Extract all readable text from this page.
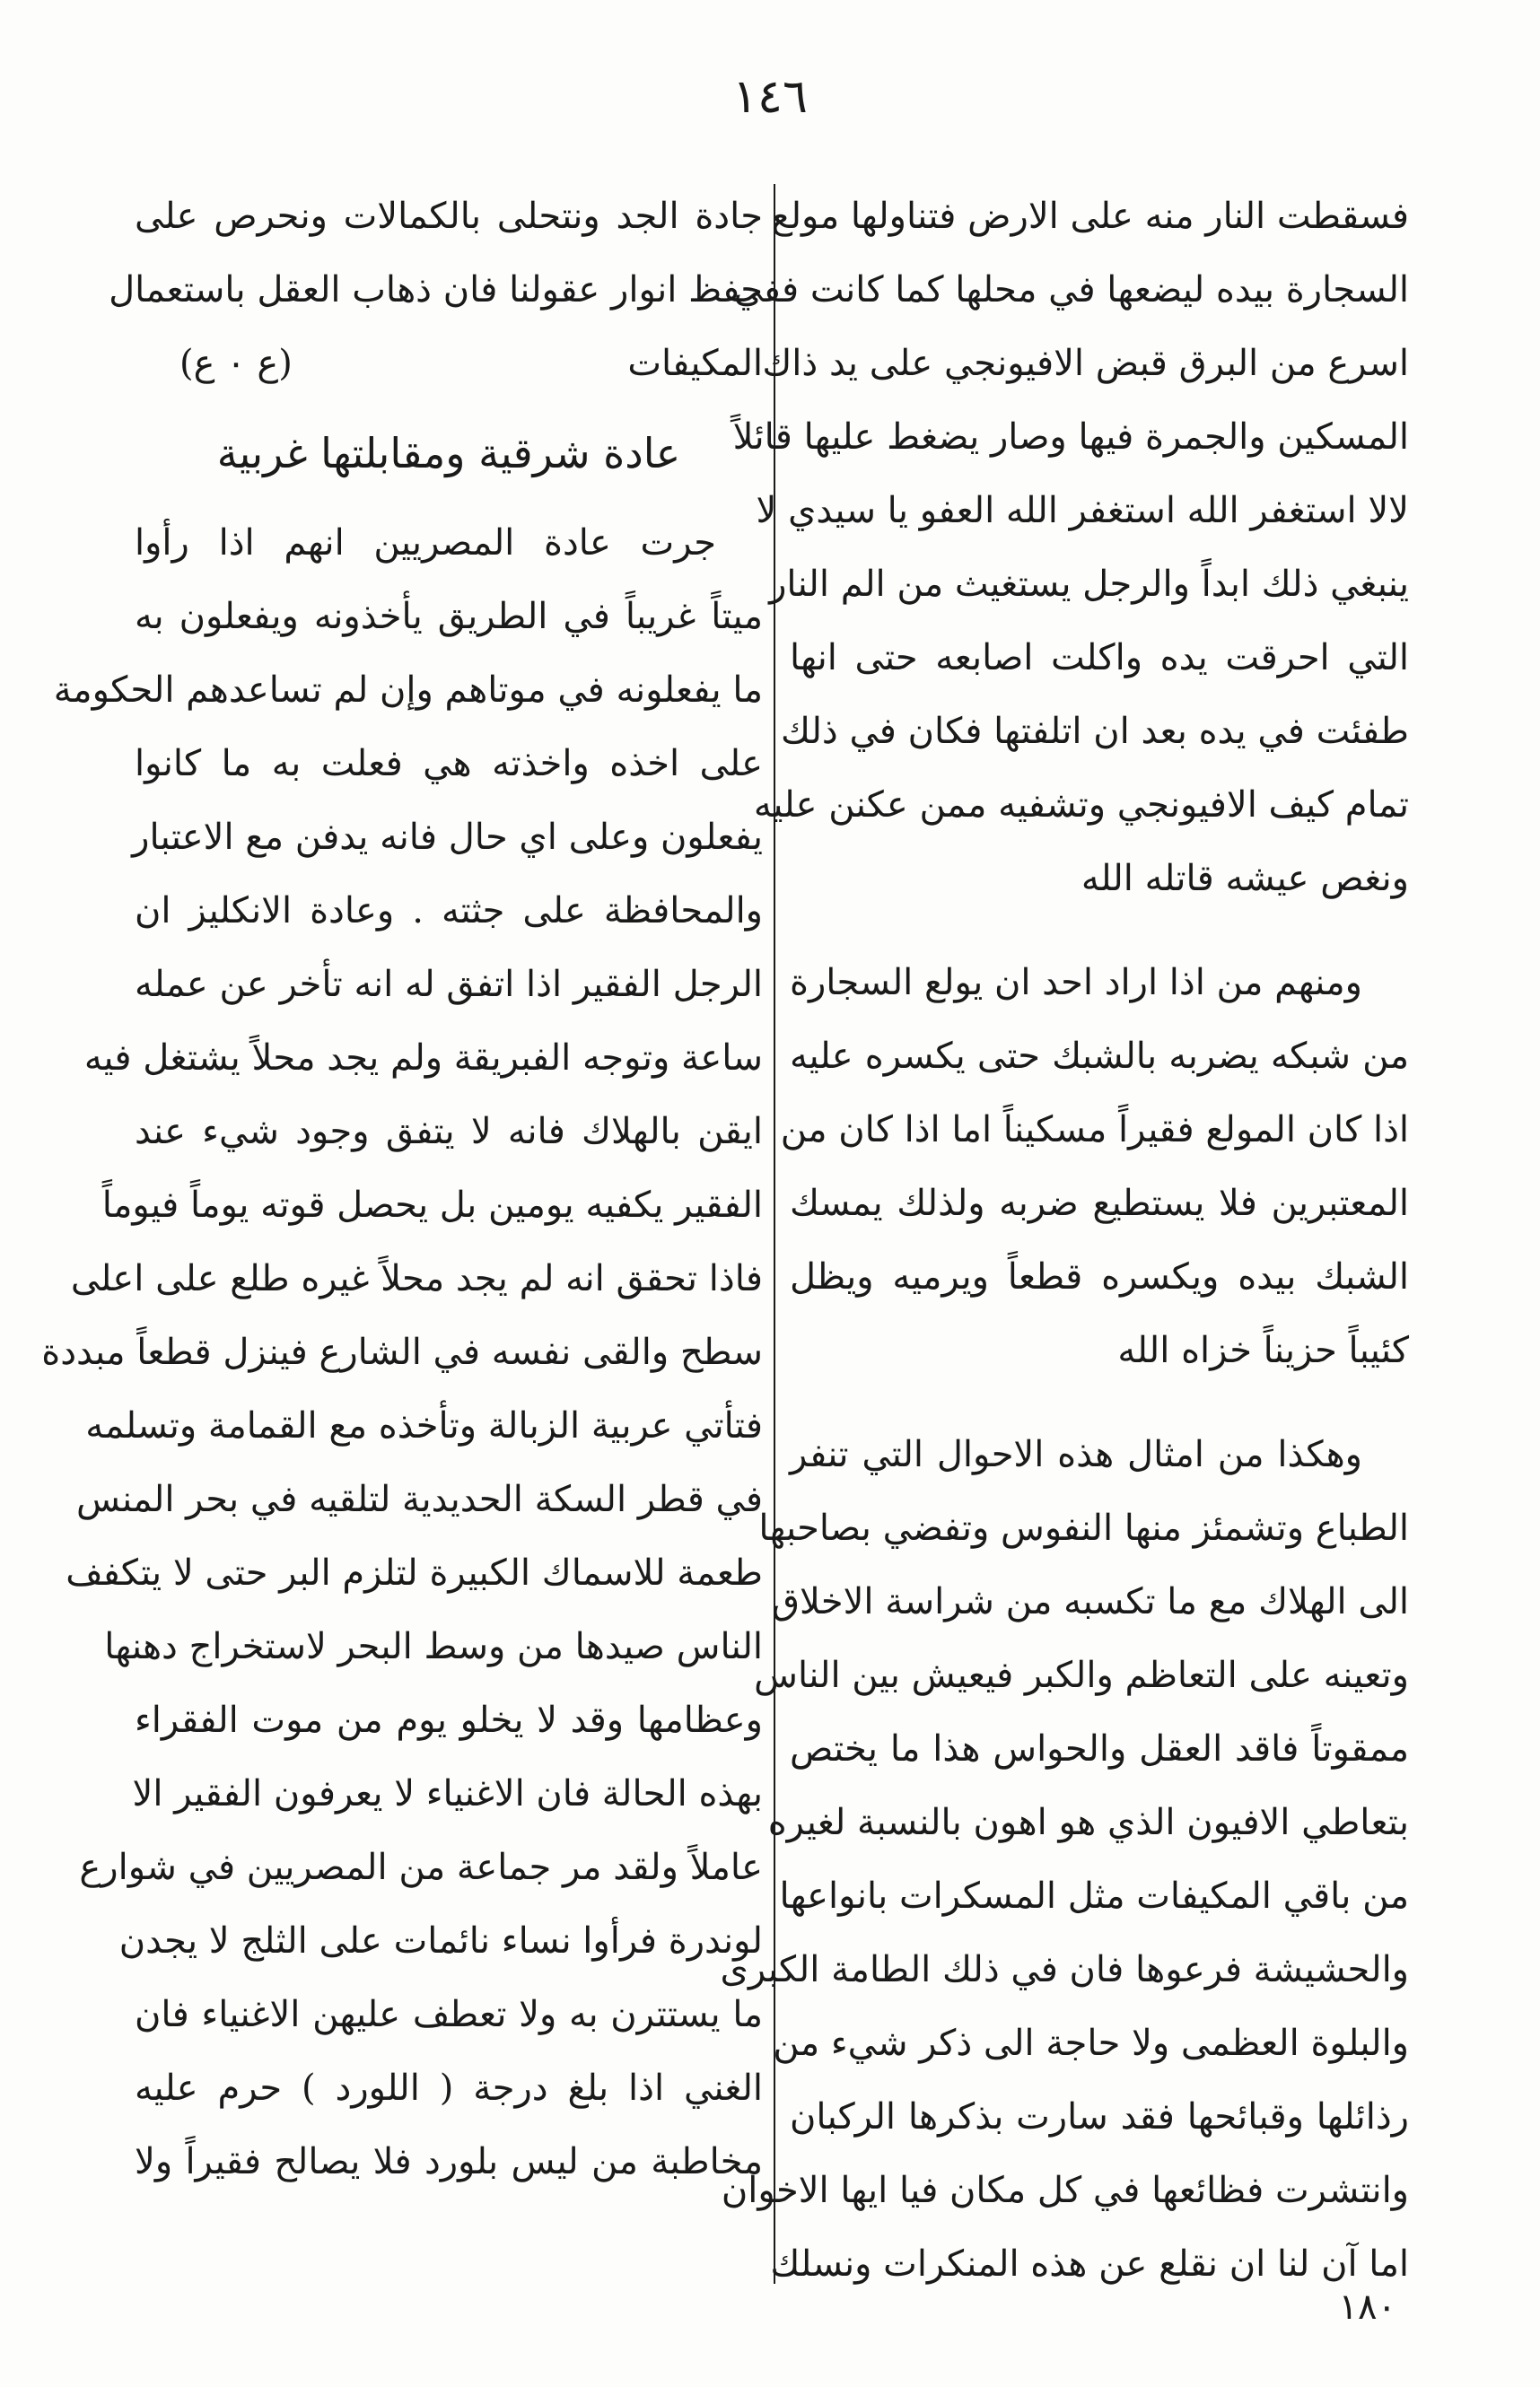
١٤٦
فسقطت النار منه على الارض فتناولها مولع
السجارة بيده ليضعها في محلها كما كانت ففي
اسرع من البرق قبض الافيونجي على يد ذاك
المسكين والجمرة فيها وصار يضغط عليها قائلاً
لالا استغفر الله استغفر الله العفو يا سيدي لا
ينبغي ذلك ابداً والرجل يستغيث من الم النار
التي احرقت يده واكلت اصابعه حتى انها
طفئت في يده بعد ان اتلفتها فكان في ذلك
تمام كيف الافيونجي وتشفيه ممن عكنن عليه
ونغص عيشه قاتله الله
ومنهم من اذا اراد احد ان يولع السجارة
من شبكه يضربه بالشبك حتى يكسره عليه
اذا كان المولع فقيراً مسكيناً اما اذا كان من
المعتبرين فلا يستطيع ضربه ولذلك يمسك
الشبك بيده ويكسره قطعاً ويرميه ويظل
كئيباً حزيناً خزاه الله
وهكذا من امثال هذه الاحوال التي تنفر
الطباع وتشمئز منها النفوس وتفضي بصاحبها
الى الهلاك مع ما تكسبه من شراسة الاخلاق
وتعينه على التعاظم والكبر فيعيش بين الناس
ممقوتاً فاقد العقل والحواس هذا ما يختص
بتعاطي الافيون الذي هو اهون بالنسبة لغيره
من باقي المكيفات مثل المسكرات بانواعها
والحشيشة فرعوها فان في ذلك الطامة الكبرى
والبلوة العظمى ولا حاجة الى ذكر شيء من
رذائلها وقبائحها فقد سارت بذكرها الركبان
وانتشرت فظائعها في كل مكان فيا ايها الاخوان
اما آن لنا ان نقلع عن هذه المنكرات ونسلك
جادة الجد ونتحلى بالكمالات ونحرص على
حفظ انوار عقولنا فان ذهاب العقل باستعمال
المكيفات
(ع ٠ ع)
عادة شرقية ومقابلتها غربية
جرت عادة المصريين انهم اذا رأوا
ميتاً غريباً في الطريق يأخذونه ويفعلون به
ما يفعلونه في موتاهم وإن لم تساعدهم الحكومة
على اخذه واخذته هي فعلت به ما كانوا
يفعلون وعلى اي حال فانه يدفن مع الاعتبار
والمحافظة على جثته . وعادة الانكليز ان
الرجل الفقير اذا اتفق له انه تأخر عن عمله
ساعة وتوجه الفبريقة ولم يجد محلاً يشتغل فيه
ايقن بالهلاك فانه لا يتفق وجود شيء عند
الفقير يكفيه يومين بل يحصل قوته يوماً فيوماً
فاذا تحقق انه لم يجد محلاً غيره طلع على اعلى
سطح والقى نفسه في الشارع فينزل قطعاً مبددة
فتأتي عربية الزبالة وتأخذه مع القمامة وتسلمه
في قطر السكة الحديدية لتلقيه في بحر المنس
طعمة للاسماك الكبيرة لتلزم البر حتى لا يتكفف
الناس صيدها من وسط البحر لاستخراج دهنها
وعظامها وقد لا يخلو يوم من موت الفقراء
بهذه الحالة فان الاغنياء لا يعرفون الفقير الا
عاملاً ولقد مر جماعة من المصريين في شوارع
لوندرة فرأوا نساء نائمات على الثلج لا يجدن
ما يستترن به ولا تعطف عليهن الاغنياء فان
الغني اذا بلغ درجة ( اللورد ) حرم عليه
مخاطبة من ليس بلورد فلا يصالح فقيراً ولا
١٨٠
